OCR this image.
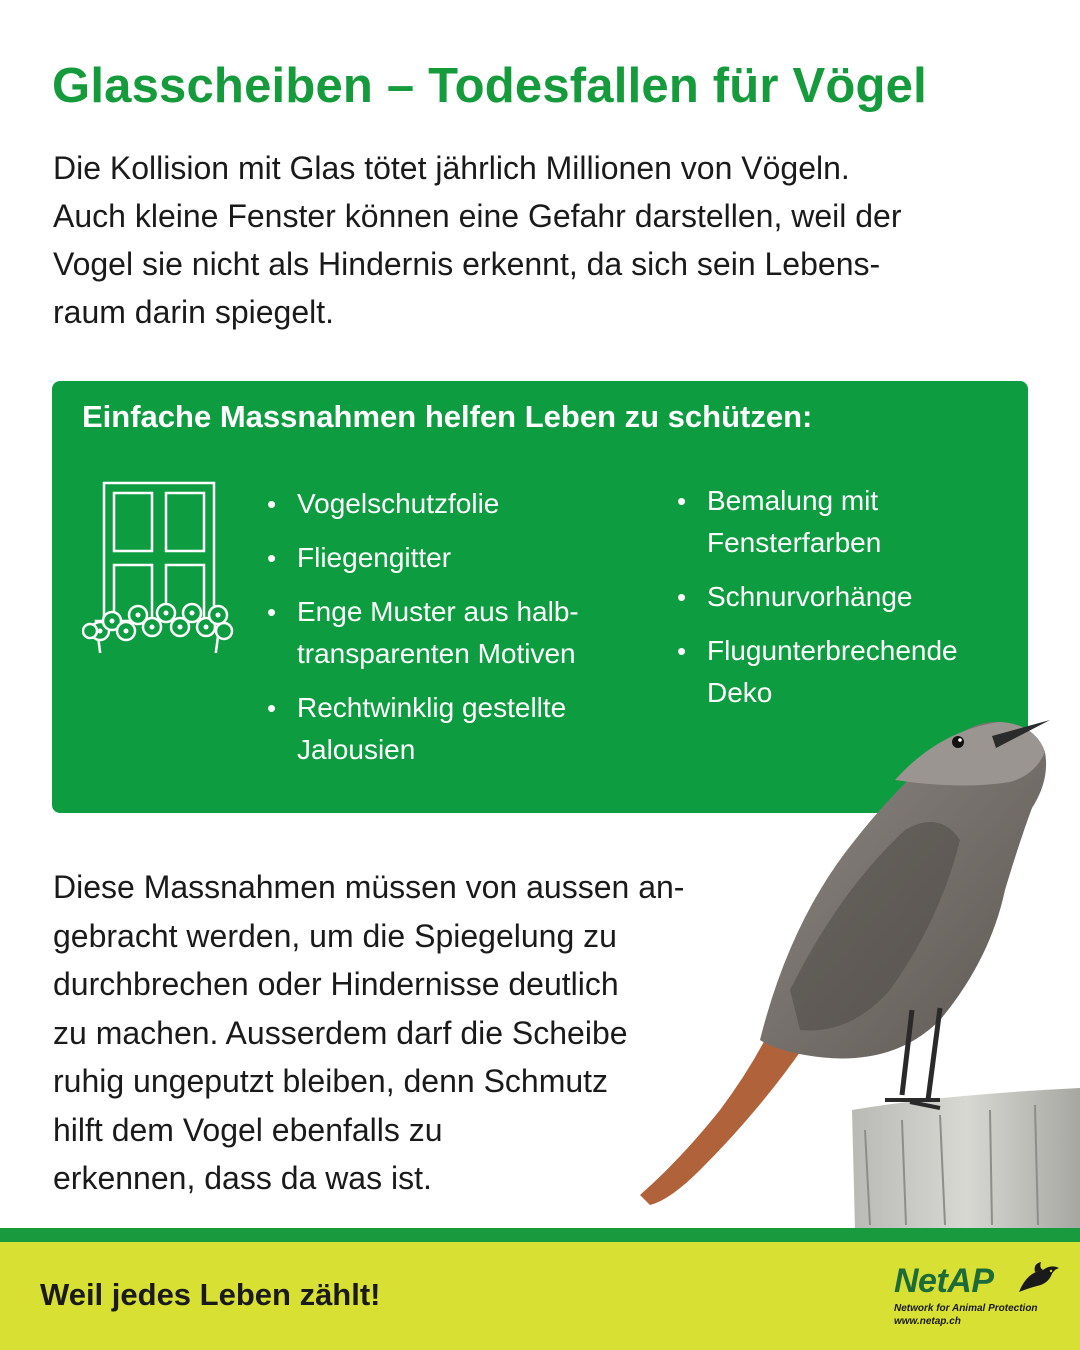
Glasscheiben – Todesfallen für Vögel
Die Kollision mit Glas tötet jährlich Millionen von Vögeln.
Auch kleine Fenster können eine Gefahr darstellen, weil der
Vogel sie nicht als Hindernis erkennt, da sich sein Lebens-
raum darin spiegelt.
Einfache Massnahmen helfen Leben zu schützen:
• Vogelschutzfolie
• Fliegengitter
• Enge Muster aus halb-
transparenten Motiven
• Rechtwinklig gestellte
Jalousien
• Bemalung mit
Fensterfarben
• Schnurvorhänge
• Flugunterbrechende
Deko
Diese Massnahmen müssen von aussen an-
gebracht werden, um die Spiegelung zu
durchbrechen oder Hindernisse deutlich
zu machen. Ausserdem darf die Scheibe
ruhig ungeputzt bleiben, denn Schmutz
hilft dem Vogel ebenfalls zu
erkennen, dass da was ist.
Weil jedes Leben zählt!	NetAP
Network for Animal Protection
www.netap.ch
